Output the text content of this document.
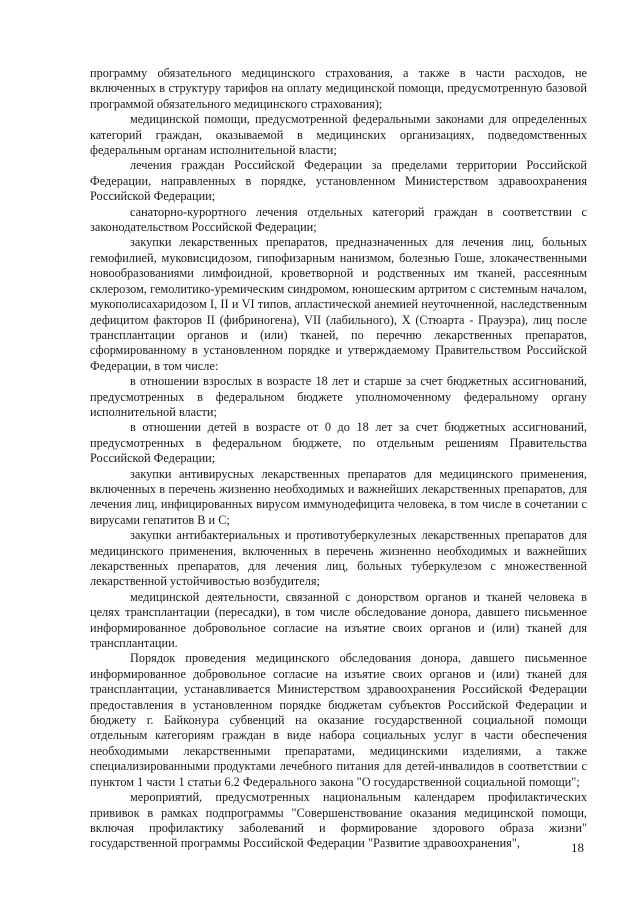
программу обязательного медицинского страхования, а также в части расходов, не включенных в структуру тарифов на оплату медицинской помощи, предусмотренную базовой программой обязательного медицинского страхования);

медицинской помощи, предусмотренной федеральными законами для определенных категорий граждан, оказываемой в медицинских организациях, подведомственных федеральным органам исполнительной власти;

лечения граждан Российской Федерации за пределами территории Российской Федерации, направленных в порядке, установленном Министерством здравоохранения Российской Федерации;

санаторно-курортного лечения отдельных категорий граждан в соответствии с законодательством Российской Федерации;

закупки лекарственных препаратов, предназначенных для лечения лиц, больных гемофилией, муковисцидозом, гипофизарным нанизмом, болезнью Гоше, злокачественными новообразованиями лимфоидной, кроветворной и родственных им тканей, рассеянным склерозом, гемолитико-уремическим синдромом, юношеским артритом с системным началом, мукополисахаридозом I, II и VI типов, апластической анемией неуточненной, наследственным дефицитом факторов II (фибриногена), VII (лабильного), X (Стюарта - Прауэра), лиц после трансплантации органов и (или) тканей, по перечню лекарственных препаратов, сформированному в установленном порядке и утверждаемому Правительством Российской Федерации, в том числе:

в отношении взрослых в возрасте 18 лет и старше за счет бюджетных ассигнований, предусмотренных в федеральном бюджете уполномоченному федеральному органу исполнительной власти;

в отношении детей в возрасте от 0 до 18 лет за счет бюджетных ассигнований, предусмотренных в федеральном бюджете, по отдельным решениям Правительства Российской Федерации;

закупки антивирусных лекарственных препаратов для медицинского применения, включенных в перечень жизненно необходимых и важнейших лекарственных препаратов, для лечения лиц, инфицированных вирусом иммунодефицита человека, в том числе в сочетании с вирусами гепатитов B и C;

закупки антибактериальных и противотуберкулезных лекарственных препаратов для медицинского применения, включенных в перечень жизненно необходимых и важнейших лекарственных препаратов, для лечения лиц, больных туберкулезом с множественной лекарственной устойчивостью возбудителя;

медицинской деятельности, связанной с донорством органов и тканей человека в целях трансплантации (пересадки), в том числе обследование донора, давшего письменное информированное добровольное согласие на изъятие своих органов и (или) тканей для трансплантации.

Порядок проведения медицинского обследования донора, давшего письменное информированное добровольное согласие на изъятие своих органов и (или) тканей для трансплантации, устанавливается Министерством здравоохранения Российской Федерации предоставления в установленном порядке бюджетам субъектов Российской Федерации и бюджету г. Байконура субвенций на оказание государственной социальной помощи отдельным категориям граждан в виде набора социальных услуг в части обеспечения необходимыми лекарственными препаратами, медицинскими изделиями, а также специализированными продуктами лечебного питания для детей-инвалидов в соответствии с пунктом 1 части 1 статьи 6.2 Федерального закона "О государственной социальной помощи";

мероприятий, предусмотренных национальным календарем профилактических прививок в рамках подпрограммы "Совершенствование оказания медицинской помощи, включая профилактику заболеваний и формирование здорового образа жизни" государственной программы Российской Федерации "Развитие здравоохранения",	18
